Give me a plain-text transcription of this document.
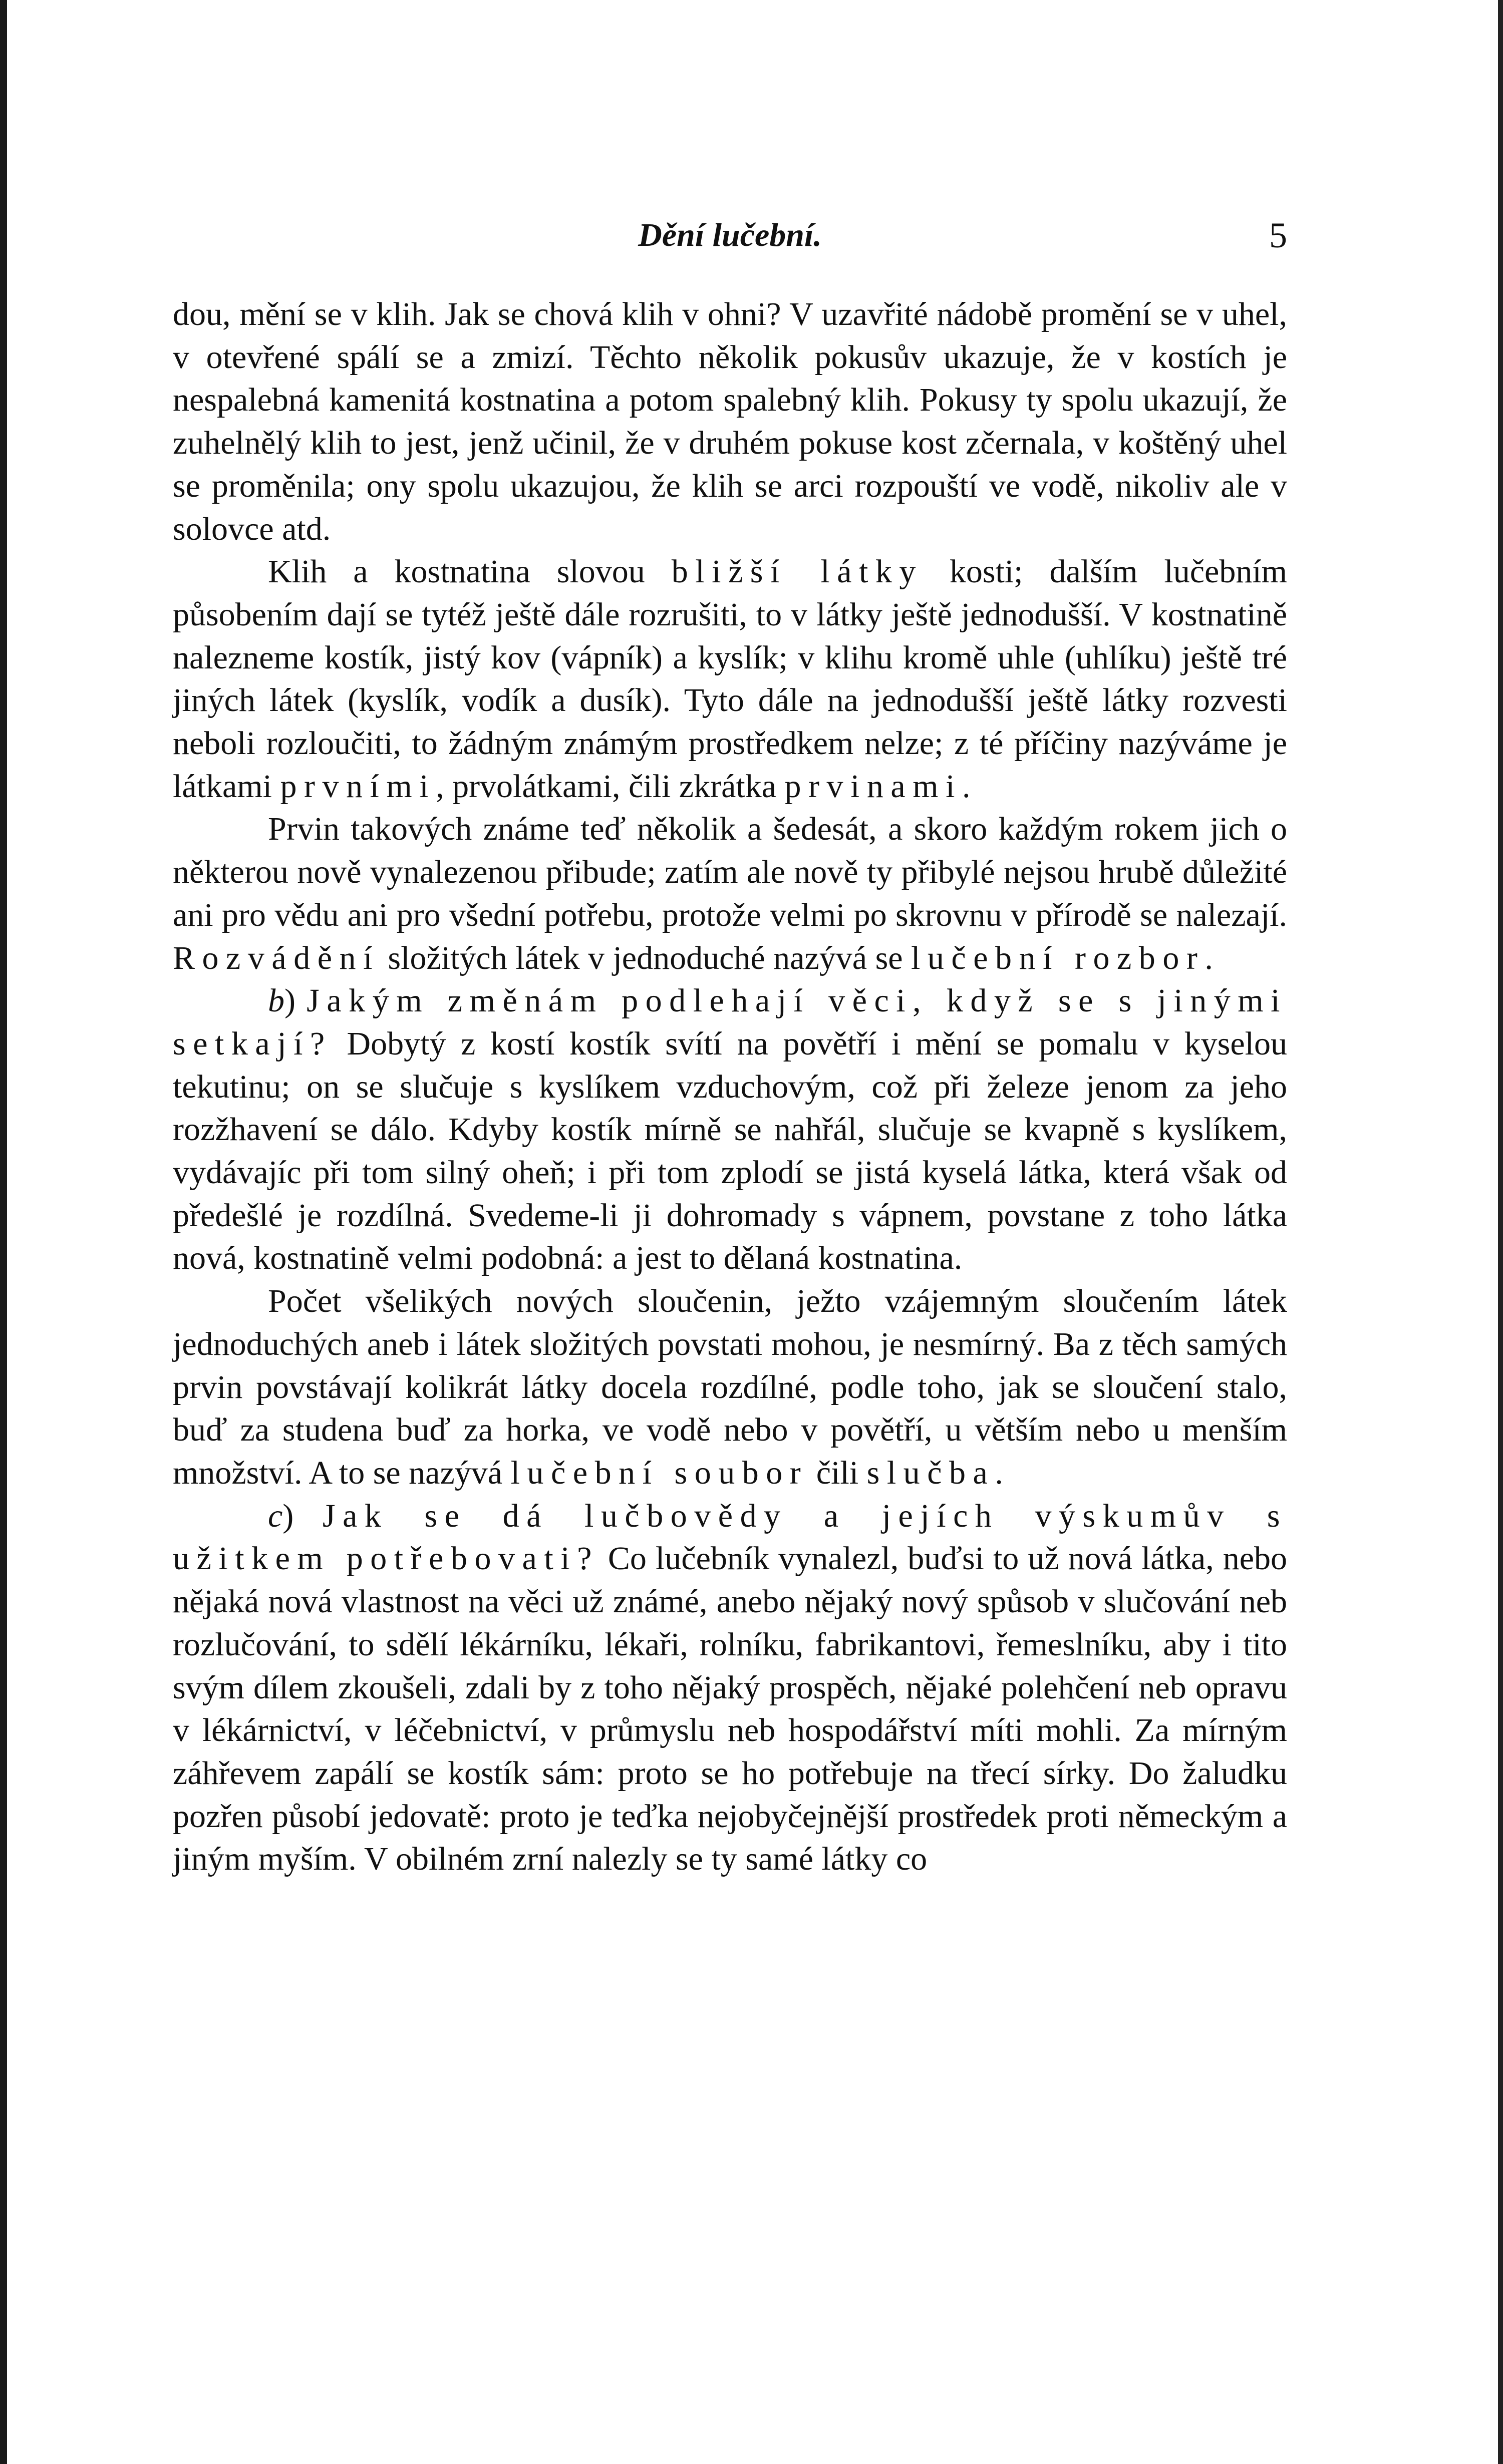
Dění lučební.	5

dou, mění se v klih. Jak se chová klih v ohni? V uzavřité nádobě promění se v uhel, v otevřené spálí se a zmizí. Těchto několik pokusův ukazuje, že v kostích je nespalebná kamenitá kostnatina a potom spalebný klih. Pokusy ty spolu ukazují, že zuhelnělý klih to jest, jenž učinil, že v druhém pokuse kost zčernala, v koštěný uhel se proměnila; ony spolu ukazujou, že klih se arci rozpouští ve vodě, nikoliv ale v solovce atd.

Klih a kostnatina slovou bližší látky kosti; dalším lučebním působením dají se tytéž ještě dále rozrušiti, to v látky ještě jednodušší. V kostnatině nalezneme kostík, jistý kov (vápník) a kyslík; v klihu kromě uhle (uhlíku) ještě tré jiných látek (kyslík, vodík a dusík). Tyto dále na jednodušší ještě látky rozvesti neboli rozloučiti, to žádným známým prostředkem nelze; z té příčiny nazýváme je látkami prvními, prvolátkami, čili zkrátka prvinami.

Prvin takových známe teď několik a šedesát, a skoro každým rokem jich o některou nově vynalezenou přibude; zatím ale nově ty přibylé nejsou hrubě důležité ani pro vědu ani pro všední potřebu, protože velmi po skrovnu v přírodě se nalezají. Rozvádění složitých látek v jednoduché nazývá se lučební rozbor.

b) Jakým změnám podlehají věci, když se s jinými setkají? Dobytý z kostí kostík svítí na povětří i mění se pomalu v kyselou tekutinu; on se slučuje s kyslíkem vzduchovým, což při železe jenom za jeho rozžhavení se dálo. Kdyby kostík mírně se nahřál, slučuje se kvapně s kyslíkem, vydávajíc při tom silný oheň; i při tom zplodí se jistá kyselá látka, která však od předešlé je rozdílná. Svedeme-li ji dohromady s vápnem, povstane z toho látka nová, kostnatině velmi podobná: a jest to dělaná kostnatina.

Počet všelikých nových sloučenin, ježto vzájemným sloučením látek jednoduchých aneb i látek složitých povstati mohou, je nesmírný. Ba z těch samých prvin povstávají kolikrát látky docela rozdílné, podle toho, jak se sloučení stalo, buď za studena buď za horka, ve vodě nebo v povětří, u větším nebo u menším množství. A to se nazývá lučební soubor čili slučba.

c) Jak se dá lučbovědy a jejích výskumův s užitkem potřebovati? Co lučebník vynalezl, buďsi to už nová látka, nebo nějaká nová vlastnost na věci už známé, anebo nějaký nový spůsob v slučování neb rozlučování, to sdělí lékárníku, lékaři, rolníku, fabrikantovi, řemeslníku, aby i tito svým dílem zkoušeli, zdali by z toho nějaký prospěch, nějaké polehčení neb opravu v lékárnictví, v léčebnictví, v průmyslu neb hospodářství míti mohli. Za mírným záhřevem zapálí se kostík sám: proto se ho potřebuje na třecí sírky. Do žaludku pozřen působí jedovatě: proto je teďka nejobyčejnější prostředek proti německým a jiným myším. V obilném zrní nalezly se ty samé látky co
